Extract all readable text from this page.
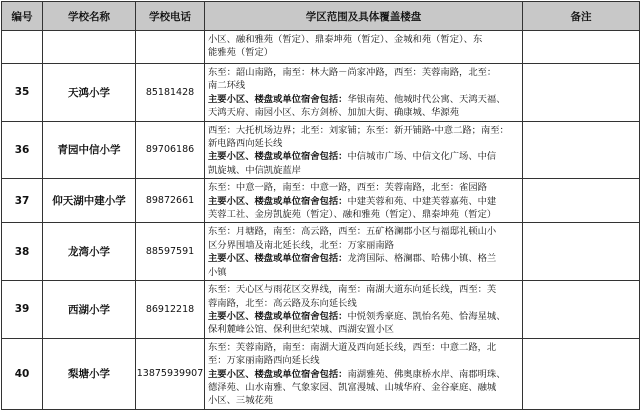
编号	学校名称	学校电话	学区范围及具体覆盖楼盘	备注

			小区、融和雅苑（暂定）、鼎泰坤苑（暂定）、金城和苑（暂定）、东
能雅苑（暂定）	

35	天鸿小学	85181428	东至：韶山南路，南至：林大路－尚家冲路，西至：芙蓉南路，北至：
南二环线
主要小区、楼盘或单位宿舍包括：华银南苑、他城时代公寓、天鸿天福、
天鸿天府、南园小区、东方剑桥、加加大街、确康城、华源苑	

36	青园中信小学	89706186	西至：大托机场边界；北至：刘家铺；东至：新开铺路-中意二路；南至：
新电路西向延长线
主要小区、楼盘或单位宿舍包括：中信城市广场、中信文化广场、中信
凯旋城、中信凯旋蓝岸	

37	仰天湖中建小学	89872661	东至：中意一路，南至：中意一路，西至：芙蓉南路，北至：雀园路
主要小区、楼盘或单位宿舍包括：中建芙蓉和苑、中建芙蓉嘉苑、中建
芙蓉工社、金房凯旋苑（暂定）、融和雅苑（暂定）、鼎泰坤苑（暂定）	

38	龙湾小学	88597591	东至：月塘路，南至：高云路，西至：五矿格澜郡小区与福邸礼顿山小
区分界围墙及南北延长线，北至：万家丽南路
主要小区、楼盘或单位宿舍包括：龙湾国际、格澜郡、哈佛小镇、格兰
小镇	

39	西湖小学	86912218	东至：天心区与雨花区交界线，南至：南湖大道东向延长线，西至：芙
蓉南路，北至：高云路及东向延长线
主要小区、楼盘或单位宿舍包括：中悦领秀豪庭、凯怡名苑、恰海星城、
保利麓峰公馆、保利世纪荣城、西湖安置小区	

40	梨塘小学	13875939907	东至：芙蓉南路，南至：南湖大道及西向延长线，西至：中意二路，北
至：万家丽南路西向延长线
主要小区、楼盘或单位宿舍包括：南湖雅苑、佛奥康桥水岸、南郡明珠、
德泽苑、山水南雅、气象家园、凯富漫城、山城华府、金谷豪庭、融城
小区、三城花苑	
